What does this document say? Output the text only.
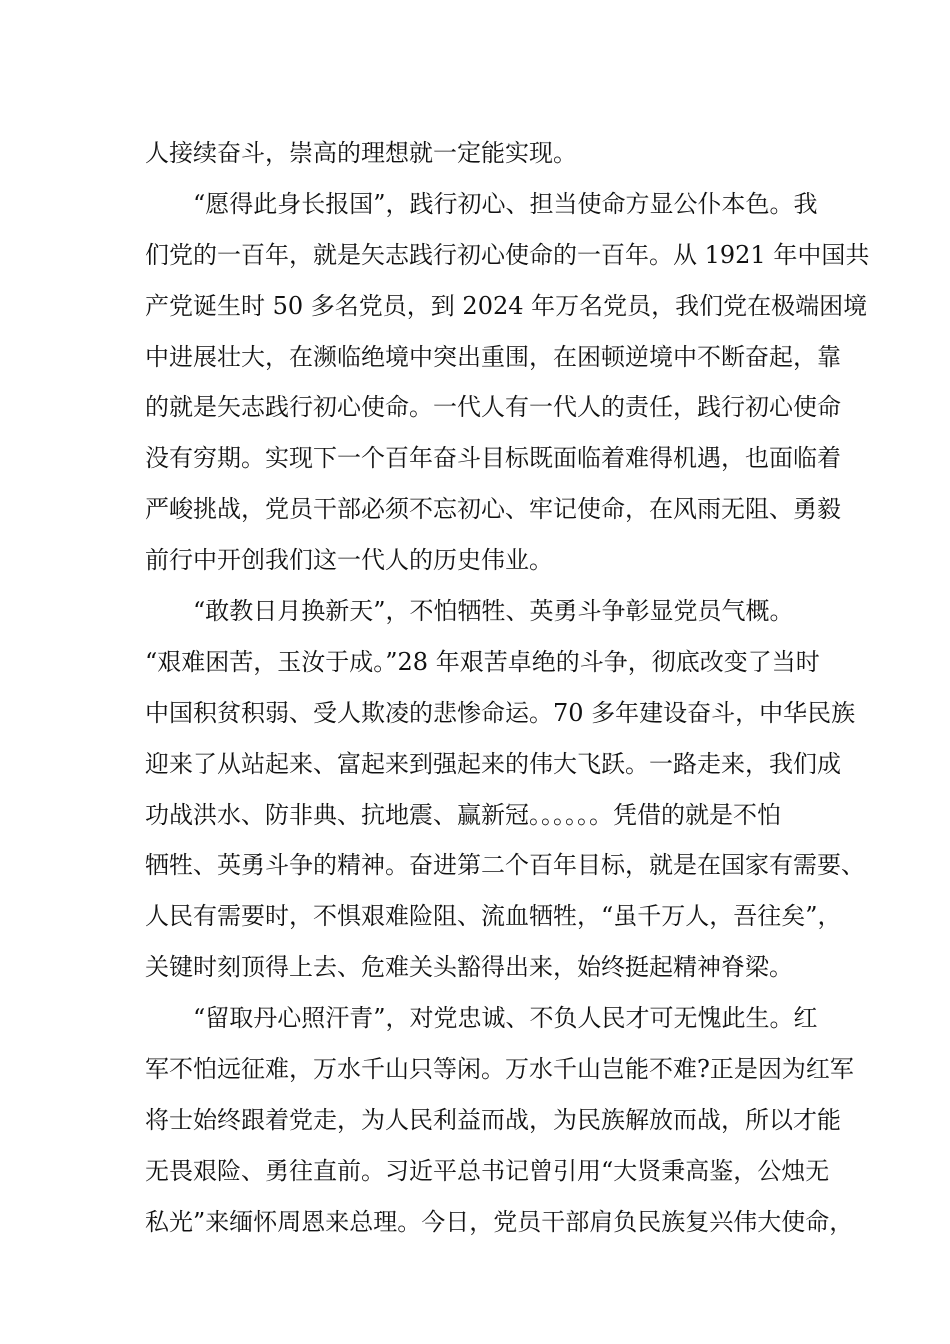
人接续奋斗，崇高的理想就一定能实现。
“愿得此身长报国”，践行初心、担当使命方显公仆本色。我
们党的一百年，就是矢志践行初心使命的一百年。从 1921 年中国共
产党诞生时 50 多名党员，到 2024 年万名党员，我们党在极端困境
中进展壮大，在濒临绝境中突出重围，在困顿逆境中不断奋起，靠
的就是矢志践行初心使命。一代人有一代人的责任，践行初心使命
没有穷期。实现下一个百年奋斗目标既面临着难得机遇，也面临着
严峻挑战，党员干部必须不忘初心、牢记使命，在风雨无阻、勇毅
前行中开创我们这一代人的历史伟业。
“敢教日月换新天”，不怕牺牲、英勇斗争彰显党员气概。
“艰难困苦，玉汝于成。”28 年艰苦卓绝的斗争，彻底改变了当时
中国积贫积弱、受人欺凌的悲惨命运。70 多年建设奋斗，中华民族
迎来了从站起来、富起来到强起来的伟大飞跃。一路走来，我们成
功战洪水、防非典、抗地震、赢新冠。。。。。。凭借的就是不怕
牺牲、英勇斗争的精神。奋进第二个百年目标，就是在国家有需要、
人民有需要时，不惧艰难险阻、流血牺牲，“虽千万人，吾往矣”，
关键时刻顶得上去、危难关头豁得出来，始终挺起精神脊梁。
“留取丹心照汗青”，对党忠诚、不负人民才可无愧此生。红
军不怕远征难，万水千山只等闲。万水千山岂能不难?正是因为红军
将士始终跟着党走，为人民利益而战，为民族解放而战，所以才能
无畏艰险、勇往直前。习近平总书记曾引用“大贤秉高鉴，公烛无
私光”来缅怀周恩来总理。今日，党员干部肩负民族复兴伟大使命，
